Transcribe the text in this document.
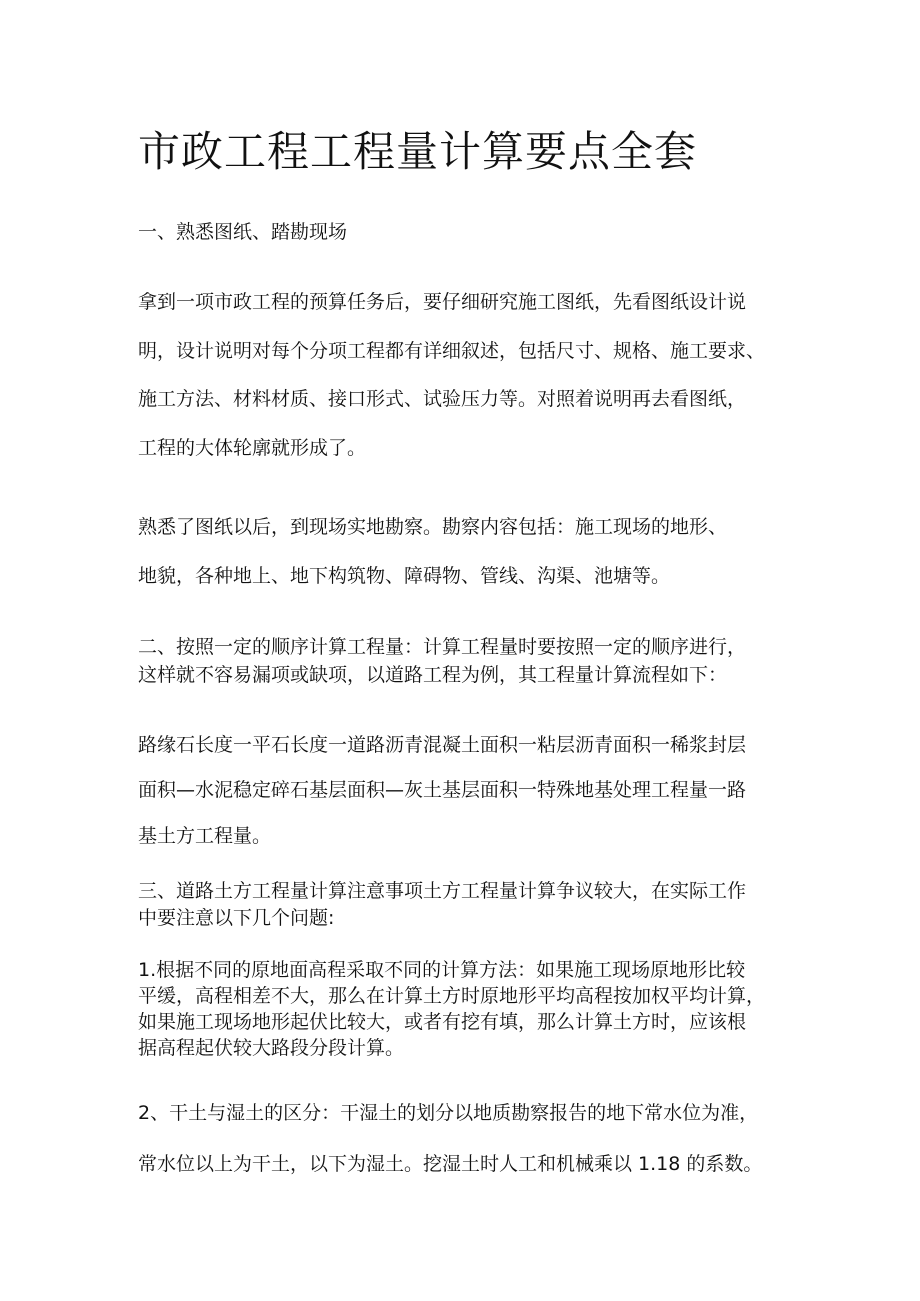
市政工程工程量计算要点全套

一、熟悉图纸、踏勘现场

拿到一项市政工程的预算任务后，要仔细研究施工图纸，先看图纸设计说

明，设计说明对每个分项工程都有详细叙述，包括尺寸、规格、施工要求、

施工方法、材料材质、接口形式、试验压力等。对照着说明再去看图纸，

工程的大体轮廓就形成了。

熟悉了图纸以后，到现场实地勘察。勘察内容包括：施工现场的地形、

地貌，各种地上、地下构筑物、障碍物、管线、沟渠、池塘等。

二、按照一定的顺序计算工程量：计算工程量时要按照一定的顺序进行，

这样就不容易漏项或缺项，以道路工程为例，其工程量计算流程如下：

路缘石长度一平石长度一道路沥青混凝土面积一粘层沥青面积一稀浆封层

面积—水泥稳定碎石基层面积—灰土基层面积一特殊地基处理工程量一路

基土方工程量。

三、道路土方工程量计算注意事项土方工程量计算争议较大，在实际工作

中要注意以下几个问题:

1.根据不同的原地面高程采取不同的计算方法：如果施工现场原地形比较

平缓，高程相差不大，那么在计算土方时原地形平均高程按加权平均计算，

如果施工现场地形起伏比较大，或者有挖有填，那么计算土方时，应该根

据高程起伏较大路段分段计算。

2、干土与湿土的区分：干湿土的划分以地质勘察报告的地下常水位为准，

常水位以上为干土，以下为湿土。挖湿土时人工和机械乘以 1.18 的系数。
